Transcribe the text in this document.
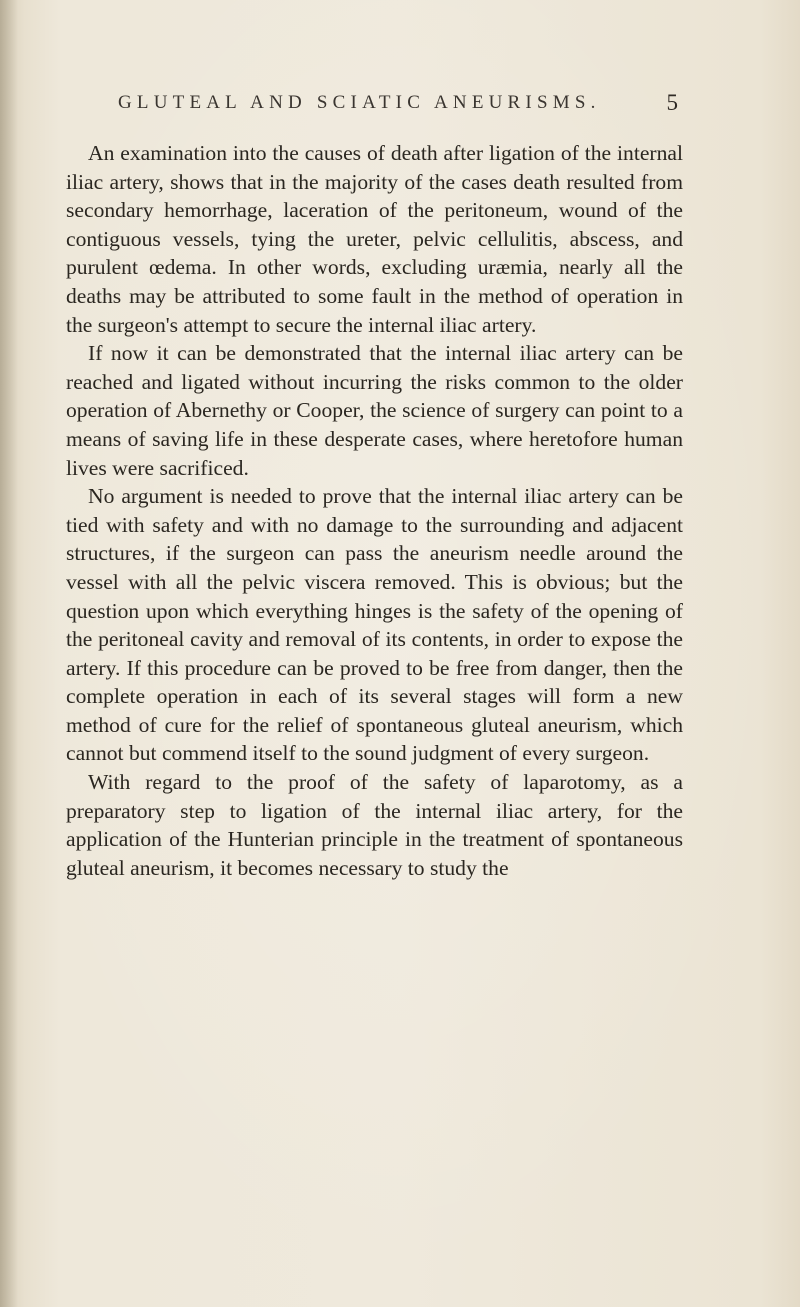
GLUTEAL AND SCIATIC ANEURISMS.	5

An examination into the causes of death after ligation of the internal iliac artery, shows that in the majority of the cases death resulted from secondary hemorrhage, laceration of the peritoneum, wound of the contiguous vessels, tying the ureter, pelvic cellulitis, abscess, and purulent œdema. In other words, excluding uræmia, nearly all the deaths may be attributed to some fault in the method of operation in the surgeon's attempt to secure the internal iliac artery.

If now it can be demonstrated that the internal iliac artery can be reached and ligated without incurring the risks common to the older operation of Abernethy or Cooper, the science of surgery can point to a means of saving life in these desperate cases, where heretofore human lives were sacrificed.

No argument is needed to prove that the internal iliac artery can be tied with safety and with no damage to the surrounding and adjacent structures, if the surgeon can pass the aneurism needle around the vessel with all the pelvic viscera removed. This is obvious; but the question upon which everything hinges is the safety of the opening of the peritoneal cavity and removal of its contents, in order to expose the artery. If this procedure can be proved to be free from danger, then the complete operation in each of its several stages will form a new method of cure for the relief of spontaneous gluteal aneurism, which cannot but commend itself to the sound judgment of every surgeon.

With regard to the proof of the safety of laparotomy, as a preparatory step to ligation of the internal iliac artery, for the application of the Hunterian principle in the treatment of spontaneous gluteal aneurism, it becomes necessary to study the
